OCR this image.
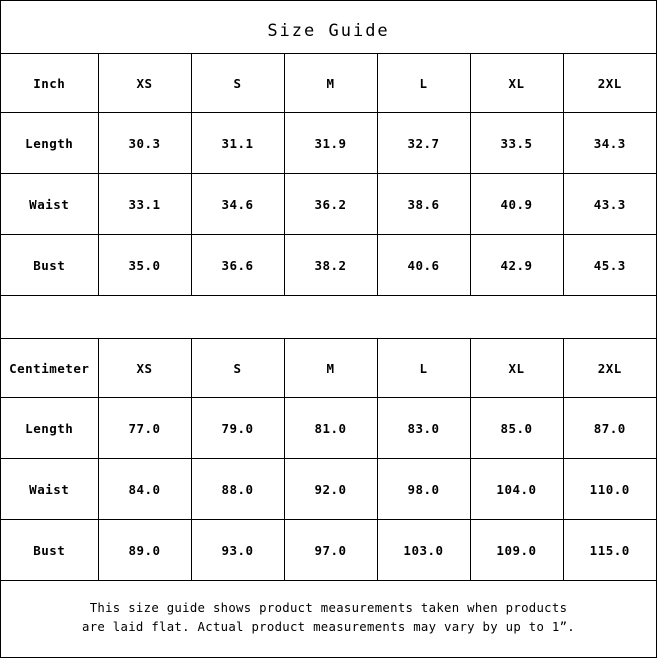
Size Guide
Inch	XS	S	M	L	XL	2XL
Length	30.3	31.1	31.9	32.7	33.5	34.3
Waist	33.1	34.6	36.2	38.6	40.9	43.3
Bust	35.0	36.6	38.2	40.6	42.9	45.3
Centimeter	XS	S	M	L	XL	2XL
Length	77.0	79.0	81.0	83.0	85.0	87.0
Waist	84.0	88.0	92.0	98.0	104.0	110.0
Bust	89.0	93.0	97.0	103.0	109.0	115.0
This size guide shows product measurements taken when products
are laid flat. Actual product measurements may vary by up to 1”.
